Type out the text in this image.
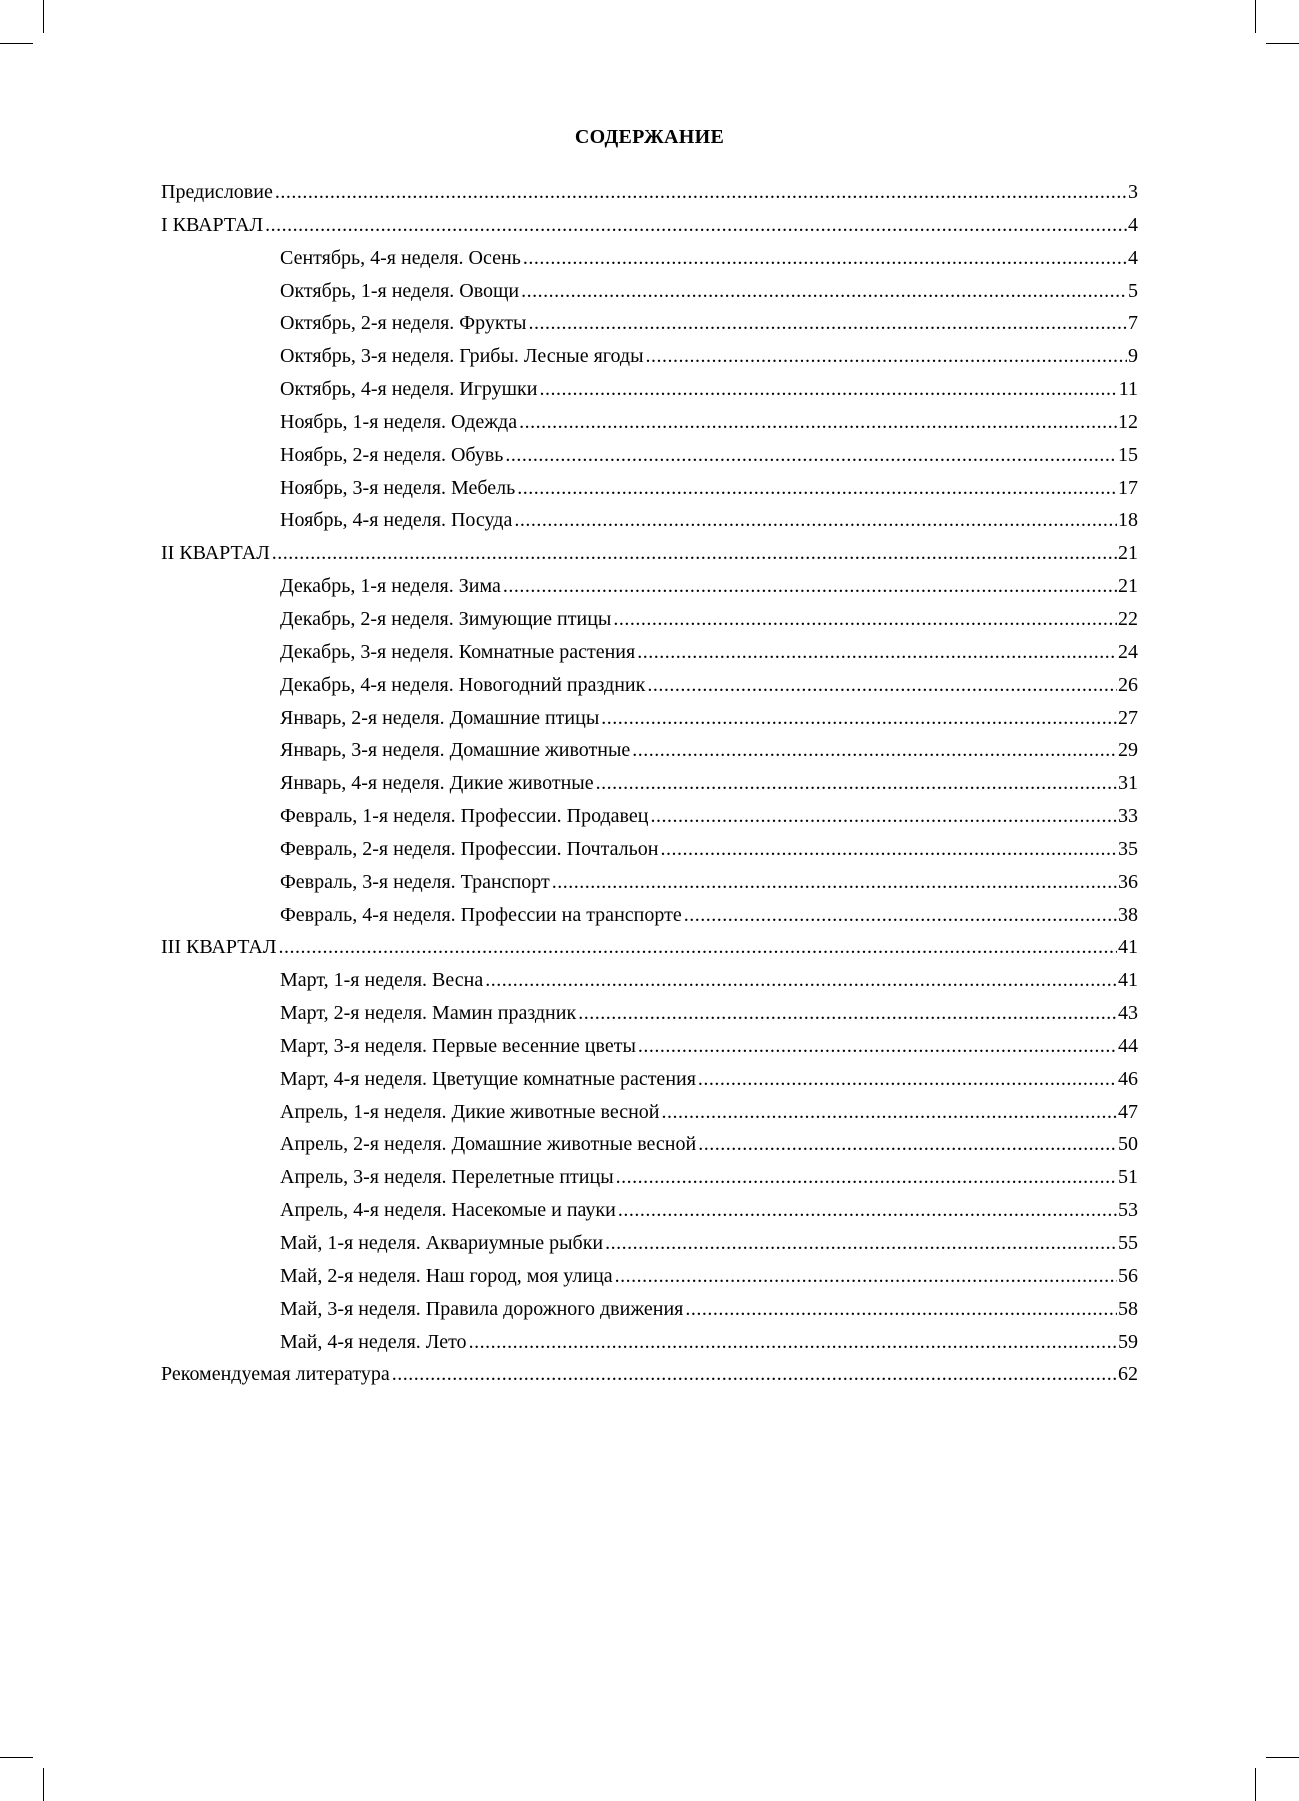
СОДЕРЖАНИЕ
Предисловие .....	3
I КВАРТАЛ .....	4
Сентябрь, 4-я неделя. Осень .....	4
Октябрь, 1-я неделя. Овощи .....	5
Октябрь, 2-я неделя. Фрукты .....	7
Октябрь, 3-я неделя. Грибы. Лесные ягоды .....	9
Октябрь, 4-я неделя. Игрушки .....	11
Ноябрь, 1-я неделя. Одежда .....	12
Ноябрь, 2-я неделя. Обувь .....	15
Ноябрь, 3-я неделя. Мебель .....	17
Ноябрь, 4-я неделя. Посуда .....	18
II КВАРТАЛ .....	21
Декабрь, 1-я неделя. Зима .....	21
Декабрь, 2-я неделя. Зимующие птицы .....	22
Декабрь, 3-я неделя. Комнатные растения .....	24
Декабрь, 4-я неделя. Новогодний праздник .....	26
Январь, 2-я неделя. Домашние птицы .....	27
Январь, 3-я неделя. Домашние животные .....	29
Январь, 4-я неделя. Дикие животные .....	31
Февраль, 1-я неделя. Профессии. Продавец .....	33
Февраль, 2-я неделя. Профессии. Почтальон .....	35
Февраль, 3-я неделя. Транспорт .....	36
Февраль, 4-я неделя. Профессии на транспорте .....	38
III КВАРТАЛ .....	41
Март, 1-я неделя. Весна .....	41
Март, 2-я неделя. Мамин праздник .....	43
Март, 3-я неделя. Первые весенние цветы .....	44
Март, 4-я неделя. Цветущие комнатные растения .....	46
Апрель, 1-я неделя. Дикие животные весной .....	47
Апрель, 2-я неделя. Домашние животные весной .....	50
Апрель, 3-я неделя. Перелетные птицы .....	51
Апрель, 4-я неделя. Насекомые и пауки .....	53
Май, 1-я неделя. Аквариумные рыбки .....	55
Май, 2-я неделя. Наш город, моя улица .....	56
Май, 3-я неделя. Правила дорожного движения .....	58
Май, 4-я неделя. Лето .....	59
Рекомендуемая литература .....	62
